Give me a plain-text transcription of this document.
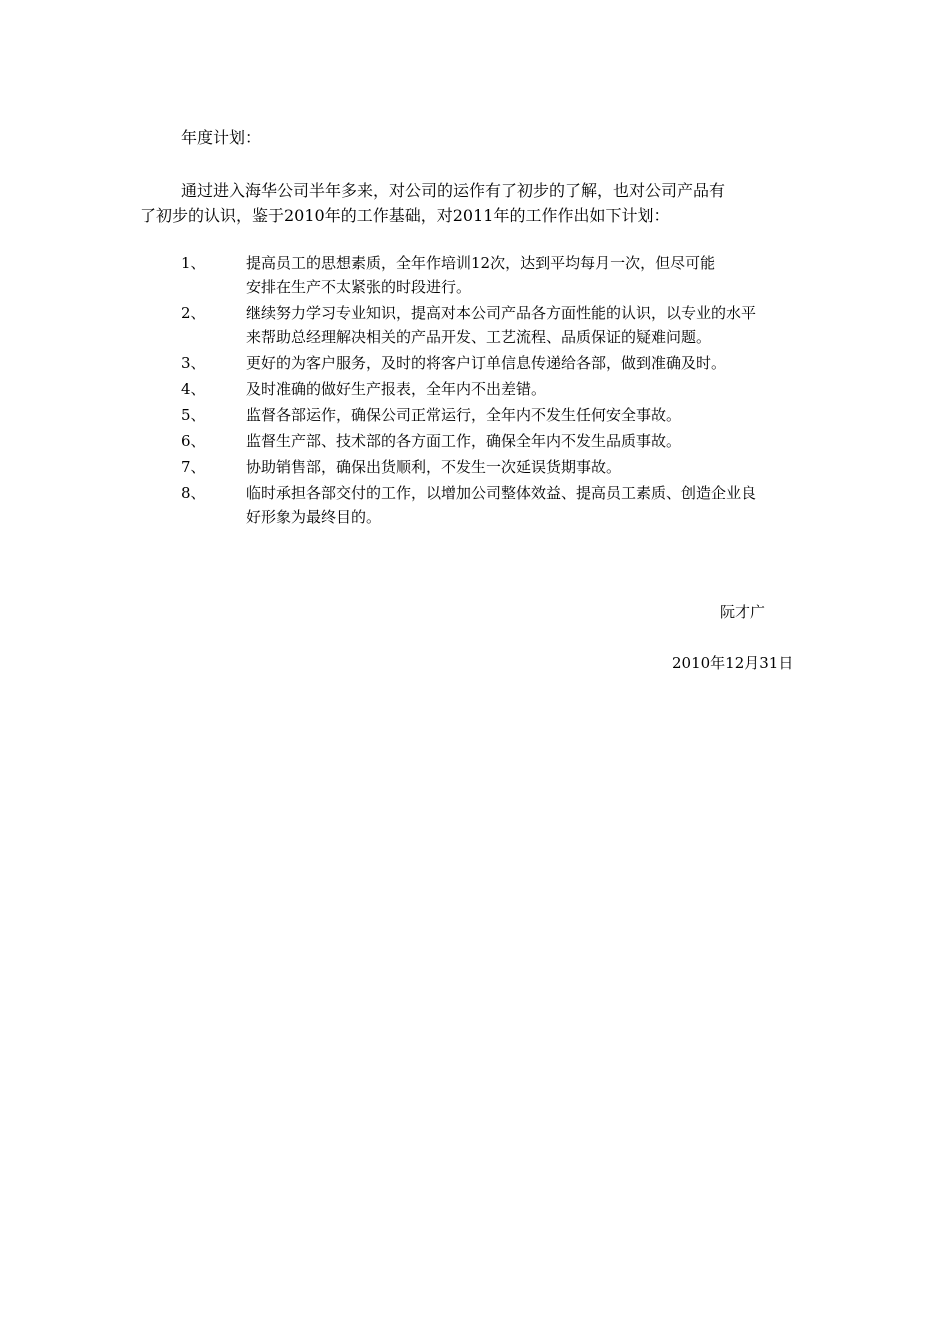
年度计划：
通过进入海华公司半年多来，对公司的运作有了初步的了解，也对公司产品有
了初步的认识，鉴于2010年的工作基础，对2011年的工作作出如下计划：
1、	提高员工的思想素质，全年作培训12次，达到平均每月一次，但尽可能
安排在生产不太紧张的时段进行。
2、	继续努力学习专业知识，提高对本公司产品各方面性能的认识，以专业的水平
来帮助总经理解决相关的产品开发、工艺流程、品质保证的疑难问题。
3、	更好的为客户服务，及时的将客户订单信息传递给各部，做到准确及时。
4、	及时准确的做好生产报表，全年内不出差错。
5、	监督各部运作，确保公司正常运行，全年内不发生任何安全事故。
6、	监督生产部、技术部的各方面工作，确保全年内不发生品质事故。
7、	协助销售部，确保出货顺利，不发生一次延误货期事故。
8、	临时承担各部交付的工作，以增加公司整体效益、提高员工素质、创造企业良
好形象为最终目的。
阮才广
2010年12月31日
